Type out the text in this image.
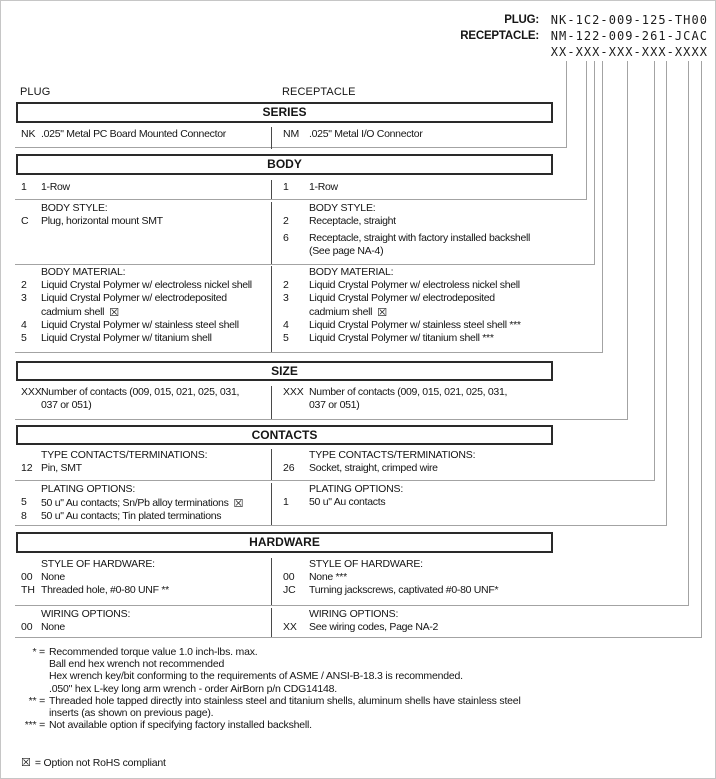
PLUG: NK-1C2-009-125-TH00
RECEPTACLE: NM-122-009-261-JCAC
XX-XXX-XXX-XXX-XXXX
PLUG	RECEPTACLE
SERIES
NK .025" Metal PC Board Mounted Connector	NM .025" Metal I/O Connector
BODY
1	1-Row	1	1-Row
BODY STYLE:
C	Plug, horizontal mount SMT
BODY STYLE:
2	Receptacle, straight
6	Receptacle, straight with factory installed backshell
(See page NA-4)
BODY MATERIAL:
2	Liquid Crystal Polymer w/ electroless nickel shell
3	Liquid Crystal Polymer w/ electrodeposited
cadmium shell ☒
4	Liquid Crystal Polymer w/ stainless steel shell
5	Liquid Crystal Polymer w/ titanium shell
BODY MATERIAL:
2	Liquid Crystal Polymer w/ electroless nickel shell
3	Liquid Crystal Polymer w/ electrodeposited
cadmium shell ☒
4	Liquid Crystal Polymer w/ stainless steel shell ***
5	Liquid Crystal Polymer w/ titanium shell ***
SIZE
XXX Number of contacts (009, 015, 021, 025, 031,
037 or 051)
XXX Number of contacts (009, 015, 021, 025, 031,
037 or 051)
CONTACTS
TYPE CONTACTS/TERMINATIONS:
12 Pin, SMT
TYPE CONTACTS/TERMINATIONS:
26	Socket, straight, crimped wire
PLATING OPTIONS:
5	50 u" Au contacts; Sn/Pb alloy terminations ☒
8	50 u" Au contacts; Tin plated terminations
PLATING OPTIONS:
1	50 u" Au contacts
HARDWARE
STYLE OF HARDWARE:
00 None
TH Threaded hole, #0-80 UNF **
STYLE OF HARDWARE:
00	None ***
JC	Turning jackscrews, captivated #0-80 UNF*
WIRING OPTIONS:
00 None
WIRING OPTIONS:
XX	See wiring codes, Page NA-2
* = Recommended torque value 1.0 inch-lbs. max.
Ball end hex wrench not recommended
Hex wrench key/bit conforming to the requirements of ASME / ANSI-B-18.3 is recommended.
.050" hex L-key long arm wrench - order AirBorn p/n CDG14148.
** = Threaded hole tapped directly into stainless steel and titanium shells, aluminum shells have stainless steel
inserts (as shown on previous page).
*** = Not available option if specifying factory installed backshell.
☒ = Option not RoHS compliant
